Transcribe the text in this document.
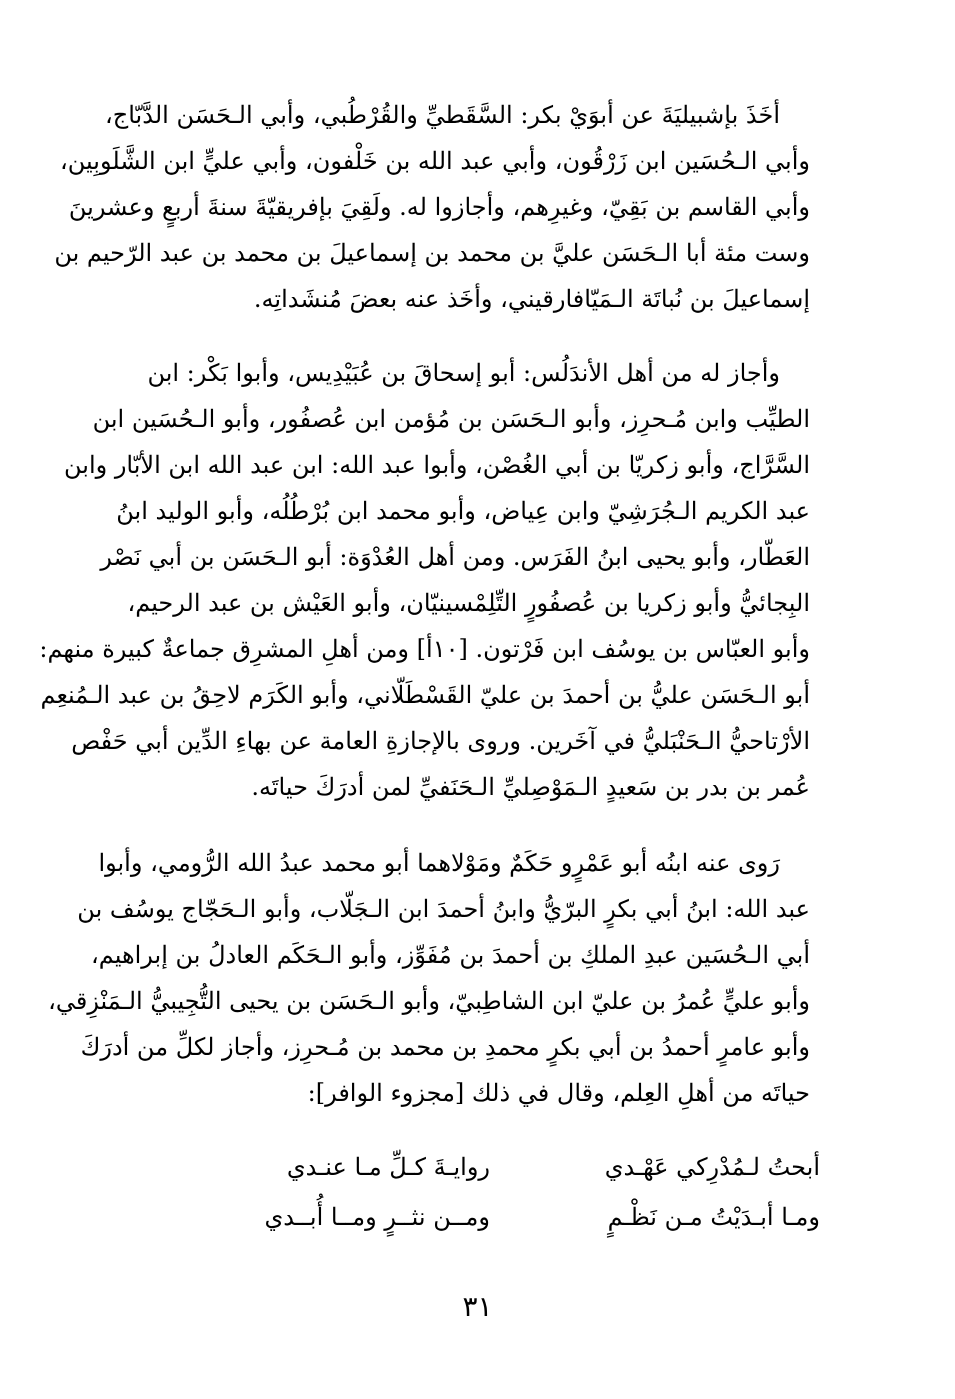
أخَذَ بإشبيليَةَ عن أبوَيْ بكر: السَّقَطيِّ والقُرْطُبي، وأبي الـحَسَن الدَّبّاج،
وأبي الـحُسَين ابن زَرْقُون، وأبي عبد الله بن خَلْفون، وأبي عليٍّ ابن الشَّلَوبِين،
وأبي القاسم بن بَقِيّ، وغيرِهم، وأجازوا له. ولَقِيَ بإفريقيّةَ سنةَ أربعٍ وعشرينَ
وست مئة أبا الـحَسَن عليَّ بن محمد بن إسماعيلَ بن محمد بن عبد الرّحيم بن
إسماعيلَ بن نُباتَة الـمَيّافارقيني، وأخَذ عنه بعضَ مُنشَداتِه.
وأجاز له من أهل الأندَلُس: أبو إسحاقَ بن عُبَيْدِيس، وأبوا بَكْر: ابن
الطيِّب وابن مُـحرِز، وأبو الـحَسَن بن مُؤمن ابن عُصفُور، وأبو الـحُسَين ابن
السَّرَّاج، وأبو زكريّا بن أبي الغُصْن، وأبوا عبد الله: ابن عبد الله ابن الأبّار وابن
عبد الكريم الـجُرَشِيّ وابن عِياض، وأبو محمد ابن بُرْطُلُه، وأبو الوليد ابنُ
العَطّار، وأبو يحيى ابنُ الفَرَس. ومن أهل العُدْوَة: أبو الـحَسَن بن أبي نَصْر
البِجائيُّ وأبو زكريا بن عُصفُورٍ التِّلِمْسينيّان، وأبو العَيْش بن عبد الرحيم،
وأبو العبّاس بن يوسُف ابن فَرْتون. [١٠أ] ومن أهلِ المشرِق جماعةٌ كبيرة منهم:
أبو الـحَسَن عليُّ بن أحمدَ بن عليّ القَسْطَلّاني، وأبو الكَرَم لاحِقُ بن عبد الـمُنعِم
الأرْتاحيُّ الـحَنْبَليُّ في آخَرين. وروى بالإجازةِ العامة عن بهاءِ الدِّين أبي حَفْص
عُمر بن بدر بن سَعيدٍ الـمَوْصِليِّ الـحَنَفيِّ لمن أدرَكَ حياتَه.
رَوى عنه ابنُه أبو عَمْرٍو حَكَمٌ ومَوْلاهما أبو محمد عبدُ الله الرُّومي، وأبوا
عبد الله: ابنُ أبي بكرٍ البرّيُّ وابنُ أحمدَ ابن الـجَلّاب، وأبو الـحَجّاج يوسُف بن
أبي الـحُسَين عبدِ الملكِ بن أحمدَ بن مُفَوِّز، وأبو الـحَكَم العادلُ بن إبراهيم،
وأبو عليٍّ عُمرُ بن عليّ ابن الشاطِبيّ، وأبو الـحَسَن بن يحيى التُّجِيبيُّ الـمَنْزِقي،
وأبو عامرٍ أحمدُ بن أبي بكرٍ محمدِ بن محمد بن مُـحرِز، وأجاز لكلِّ من أدرَكَ
حياتَه من أهلِ العِلم، وقال في ذلك [مجزوء الوافر]:
أبحتُ لـمُدْرِكي عَهْـدي
روايـةَ كـلِّ مـا عنـدي
ومـا أبـدَيْتُ مـن نَظْـمٍ
ومــن نثــرٍ ومــا أُبــدي
٣١
